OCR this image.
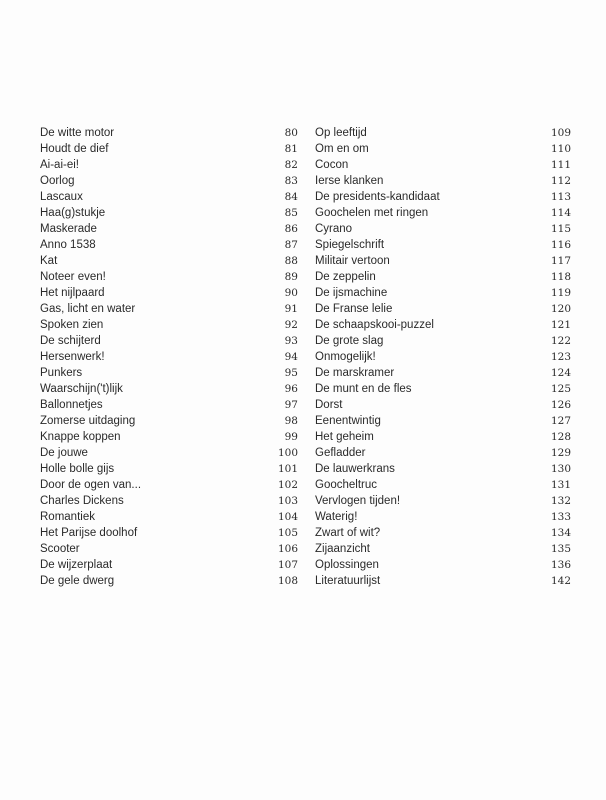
De witte motor	80
Houdt de dief	81
Ai-ai-ei!	82
Oorlog	83
Lascaux	84
Haa(g)stukje	85
Maskerade	86
Anno 1538	87
Kat	88
Noteer even!	89
Het nijlpaard	90
Gas, licht en water	91
Spoken zien	92
De schijterd	93
Hersenwerk!	94
Punkers	95
Waarschijn('t)lijk	96
Ballonnetjes	97
Zomerse uitdaging	98
Knappe koppen	99
De jouwe	100
Holle bolle gijs	101
Door de ogen van...	102
Charles Dickens	103
Romantiek	104
Het Parijse doolhof	105
Scooter	106
De wijzerplaat	107
De gele dwerg	108
Op leeftijd	109
Om en om	110
Cocon	111
Ierse klanken	112
De presidents-kandidaat	113
Goochelen met ringen	114
Cyrano	115
Spiegelschrift	116
Militair vertoon	117
De zeppelin	118
De ijsmachine	119
De Franse lelie	120
De schaapskooi-puzzel	121
De grote slag	122
Onmogelijk!	123
De marskramer	124
De munt en de fles	125
Dorst	126
Eenentwintig	127
Het geheim	128
Gefladder	129
De lauwerkrans	130
Goocheltruc	131
Vervlogen tijden!	132
Waterig!	133
Zwart of wit?	134
Zijaanzicht	135
Oplossingen	136
Literatuurlijst	142
